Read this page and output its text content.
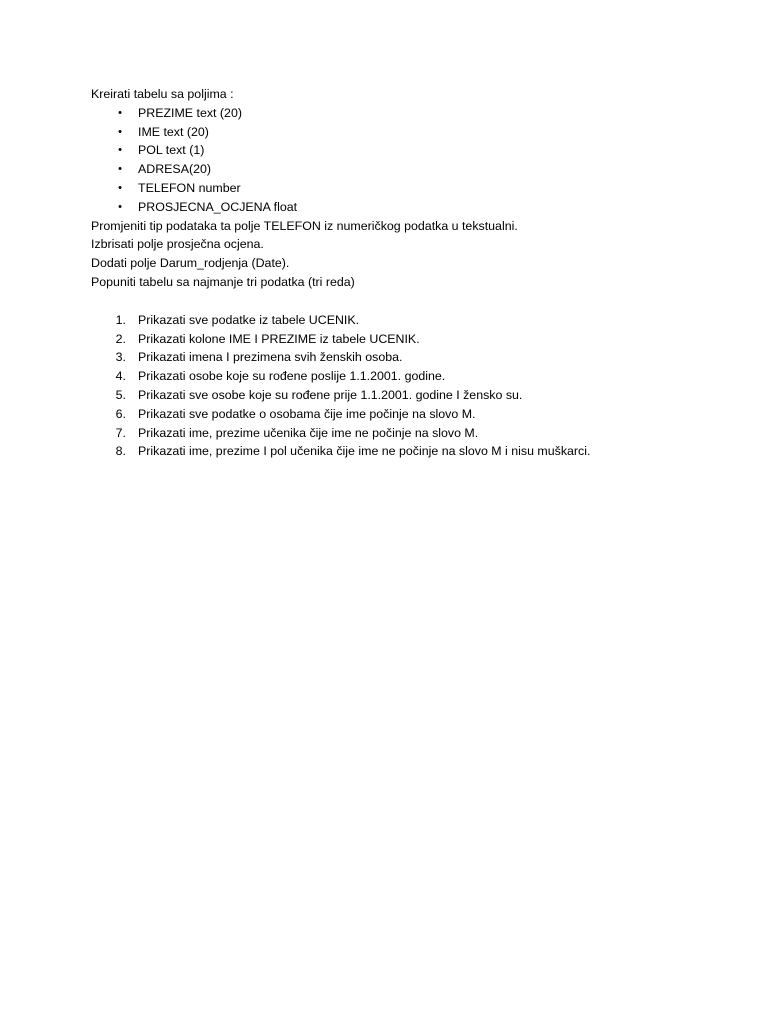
Kreirati tabelu sa poljima :
•	PREZIME text (20)
•	IME text (20)
•	POL text (1)
•	ADRESA(20)
•	TELEFON number
•	PROSJECNA_OCJENA float
Promjeniti tip podataka ta polje TELEFON iz numeričkog podatka u tekstualni.
Izbrisati polje prosječna ocjena.
Dodati polje Darum_rodjenja (Date).
Popuniti tabelu sa najmanje tri podatka (tri reda)
1. Prikazati sve podatke iz tabele UCENIK.
2. Prikazati kolone IME I PREZIME iz tabele UCENIK.
3. Prikazati imena I prezimena svih ženskih osoba.
4. Prikazati osobe koje su rođene poslije 1.1.2001. godine.
5. Prikazati sve osobe koje su rođene prije 1.1.2001. godine I žensko su.
6. Prikazati sve podatke o osobama čije ime počinje na slovo M.
7. Prikazati ime, prezime učenika čije ime ne počinje na slovo M.
8. Prikazati ime, prezime I pol učenika čije ime ne počinje na slovo M i nisu muškarci.
